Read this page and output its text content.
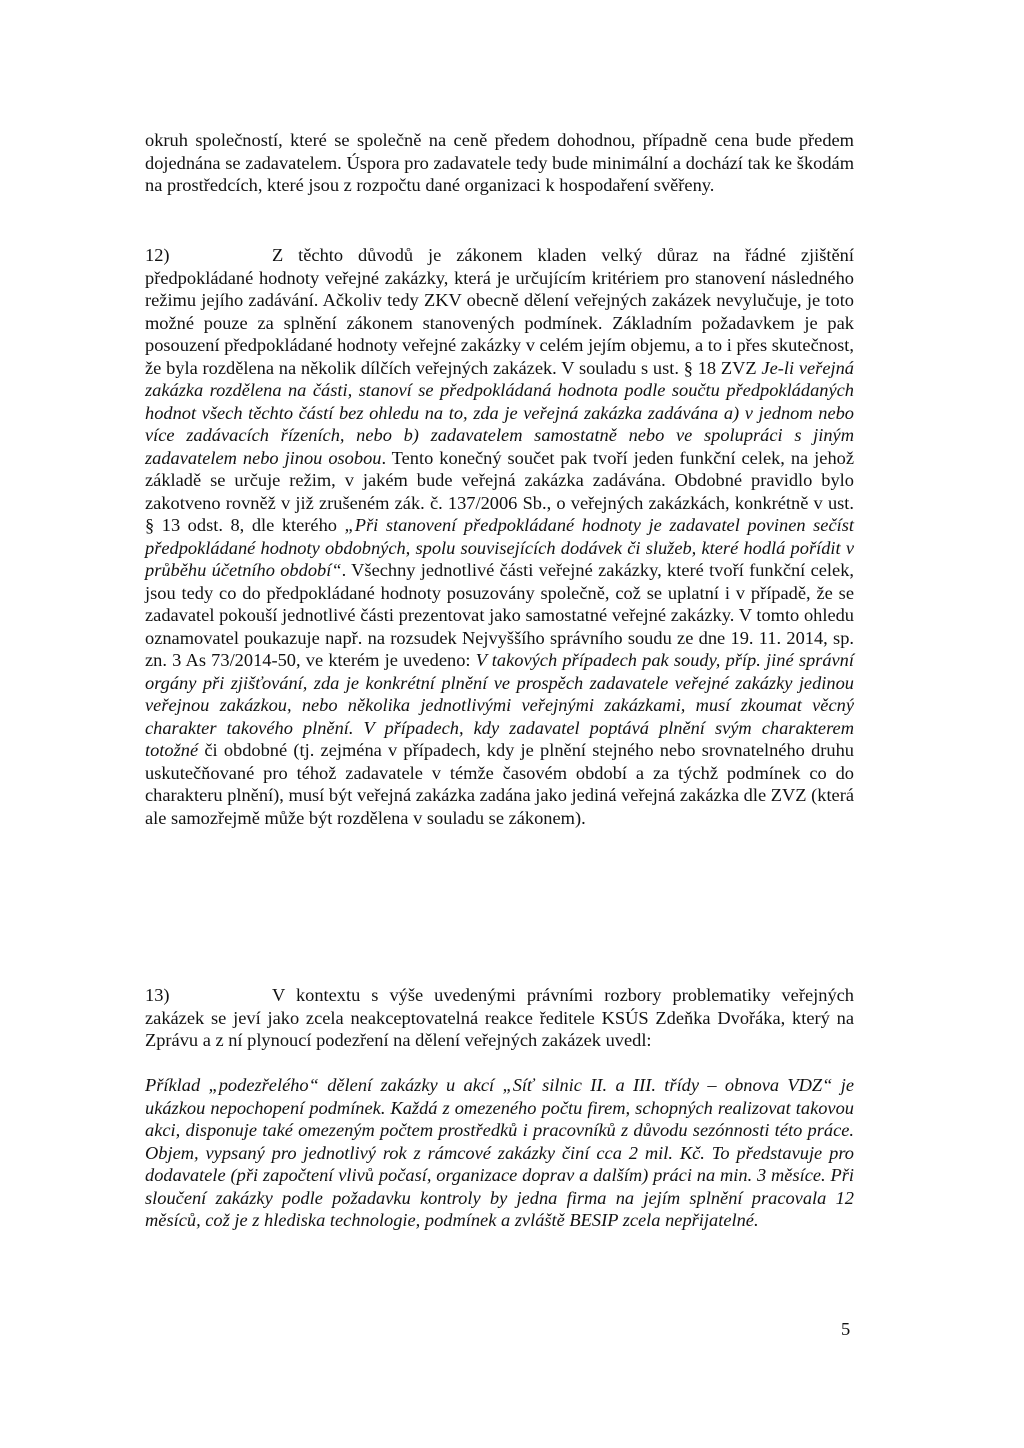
okruh společností, které se společně na ceně předem dohodnou, případně cena bude předem dojednána se zadavatelem. Úspora pro zadavatele tedy bude minimální a dochází tak ke škodám na prostředcích, které jsou z rozpočtu dané organizaci k hospodaření svěřeny.

12)	Z těchto důvodů je zákonem kladen velký důraz na řádné zjištění předpokládané hodnoty veřejné zakázky, která je určujícím kritériem pro stanovení následného režimu jejího zadávání. Ačkoliv tedy ZKV obecně dělení veřejných zakázek nevylučuje, je toto možné pouze za splnění zákonem stanovených podmínek. Základním požadavkem je pak posouzení předpokládané hodnoty veřejné zakázky v celém jejím objemu, a to i přes skutečnost, že byla rozdělena na několik dílčích veřejných zakázek. V souladu s ust. § 18 ZVZ Je-li veřejná zakázka rozdělena na části, stanoví se předpokládaná hodnota podle součtu předpokládaných hodnot všech těchto částí bez ohledu na to, zda je veřejná zakázka zadávána a) v jednom nebo více zadávacích řízeních, nebo b) zadavatelem samostatně nebo ve spolupráci s jiným zadavatelem nebo jinou osobou. Tento konečný součet pak tvoří jeden funkční celek, na jehož základě se určuje režim, v jakém bude veřejná zakázka zadávána. Obdobné pravidlo bylo zakotveno rovněž v již zrušeném zák. č. 137/2006 Sb., o veřejných zakázkách, konkrétně v ust. § 13 odst. 8, dle kterého „Při stanovení předpokládané hodnoty je zadavatel povinen sečíst předpokládané hodnoty obdobných, spolu souvisejících dodávek či služeb, které hodlá pořídit v průběhu účetního období“. Všechny jednotlivé části veřejné zakázky, které tvoří funkční celek, jsou tedy co do předpokládané hodnoty posuzovány společně, což se uplatní i v případě, že se zadavatel pokouší jednotlivé části prezentovat jako samostatné veřejné zakázky. V tomto ohledu oznamovatel poukazuje např. na rozsudek Nejvyššího správního soudu ze dne 19. 11. 2014, sp. zn. 3 As 73/2014-50, ve kterém je uvedeno: V takových případech pak soudy, příp. jiné správní orgány při zjišťování, zda je konkrétní plnění ve prospěch zadavatele veřejné zakázky jedinou veřejnou zakázkou, nebo několika jednotlivými veřejnými zakázkami, musí zkoumat věcný charakter takového plnění. V případech, kdy zadavatel poptává plnění svým charakterem totožné či obdobné (tj. zejména v případech, kdy je plnění stejného nebo srovnatelného druhu uskutečňované pro téhož zadavatele v témže časovém období a za týchž podmínek co do charakteru plnění), musí být veřejná zakázka zadána jako jediná veřejná zakázka dle ZVZ (která ale samozřejmě může být rozdělena v souladu se zákonem).

13)	V kontextu s výše uvedenými právními rozbory problematiky veřejných zakázek se jeví jako zcela neakceptovatelná reakce ředitele KSÚS Zdeňka Dvořáka, který na Zprávu a z ní plynoucí podezření na dělení veřejných zakázek uvedl:

Příklad „podezřelého“ dělení zakázky u akcí „Síť silnic II. a III. třídy – obnova VDZ“ je ukázkou nepochopení podmínek. Každá z omezeného počtu firem, schopných realizovat takovou akci, disponuje také omezeným počtem prostředků i pracovníků z důvodu sezónnosti této práce. Objem, vypsaný pro jednotlivý rok z rámcové zakázky činí cca 2 mil. Kč. To představuje pro dodavatele (při započtení vlivů počasí, organizace doprav a dalším) práci na min. 3 měsíce. Při sloučení zakázky podle požadavku kontroly by jedna firma na jejím splnění pracovala 12 měsíců, což je z hlediska technologie, podmínek a zvláště BESIP zcela nepřijatelné.

5
